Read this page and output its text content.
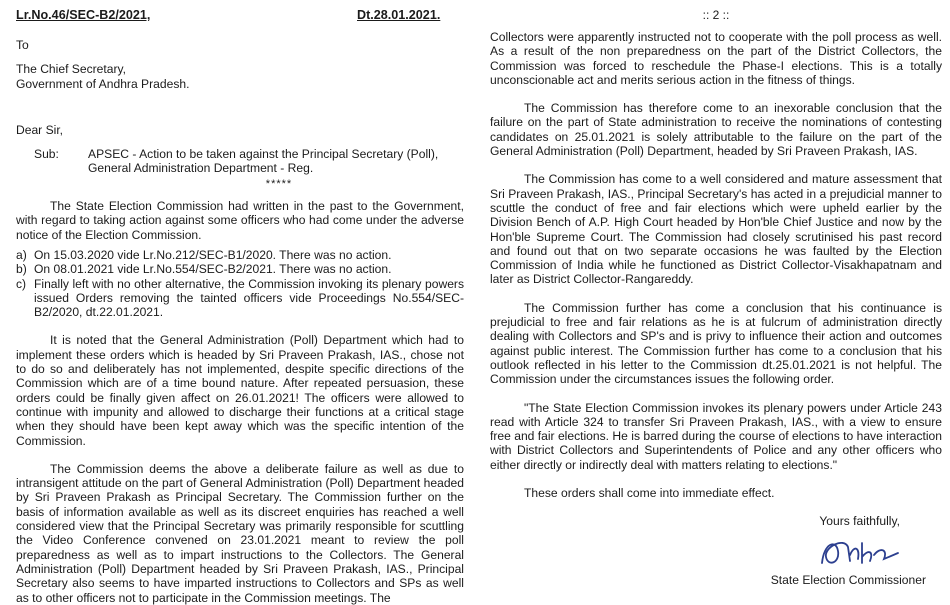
Lr.No.46/SEC-B2/2021,	Dt.28.01.2021.

To

The Chief Secretary,

Government of Andhra Pradesh.

Dear Sir,

Sub:	APSEC - Action to be taken against the Principal Secretary (Poll), General Administration Department - Reg.
*****

The State Election Commission had written in the past to the Government, with regard to taking action against some officers who had come under the adverse notice of the Election Commission.

a) On 15.03.2020 vide Lr.No.212/SEC-B1/2020. There was no action.
b) On 08.01.2021 vide Lr.No.554/SEC-B2/2021. There was no action.
c) Finally left with no other alternative, the Commission invoking its plenary powers issued Orders removing the tainted officers vide Proceedings No.554/SEC-B2/2020, dt.22.01.2021.

It is noted that the General Administration (Poll) Department which had to implement these orders which is headed by Sri Praveen Prakash, IAS., chose not to do so and deliberately has not implemented, despite specific directions of the Commission which are of a time bound nature. After repeated persuasion, these orders could be finally given affect on 26.01.2021! The officers were allowed to continue with impunity and allowed to discharge their functions at a critical stage when they should have been kept away which was the specific intention of the Commission.

The Commission deems the above a deliberate failure as well as due to intransigent attitude on the part of General Administration (Poll) Department headed by Sri Praveen Prakash as Principal Secretary. The Commission further on the basis of information available as well as its discreet enquiries has reached a well considered view that the Principal Secretary was primarily responsible for scuttling the Video Conference convened on 23.01.2021 meant to review the poll preparedness as well as to impart instructions to the Collectors. The General Administration (Poll) Department headed by Sri Praveen Prakash, IAS., Principal Secretary also seems to have imparted instructions to Collectors and SPs as well as to other officers not to participate in the Commission meetings. The

:: 2 ::

Collectors were apparently instructed not to cooperate with the poll process as well. As a result of the non preparedness on the part of the District Collectors, the Commission was forced to reschedule the Phase-I elections. This is a totally unconscionable act and merits serious action in the fitness of things.

The Commission has therefore come to an inexorable conclusion that the failure on the part of State administration to receive the nominations of contesting candidates on 25.01.2021 is solely attributable to the failure on the part of the General Administration (Poll) Department, headed by Sri Praveen Prakash, IAS.

The Commission has come to a well considered and mature assessment that Sri Praveen Prakash, IAS., Principal Secretary's has acted in a prejudicial manner to scuttle the conduct of free and fair elections which were upheld earlier by the Division Bench of A.P. High Court headed by Hon'ble Chief Justice and now by the Hon'ble Supreme Court. The Commission had closely scrutinised his past record and found out that on two separate occasions he was faulted by the Election Commission of India while he functioned as District Collector-Visakhapatnam and later as District Collector-Rangareddy.

The Commission further has come a conclusion that his continuance is prejudicial to free and fair relations as he is at fulcrum of administration directly dealing with Collectors and SP's and is privy to influence their action and outcomes against public interest. The Commission further has come to a conclusion that his outlook reflected in his letter to the Commission dt.25.01.2021 is not helpful. The Commission under the circumstances issues the following order.

"The State Election Commission invokes its plenary powers under Article 243 read with Article 324 to transfer Sri Praveen Prakash, IAS., with a view to ensure free and fair elections. He is barred during the course of elections to have interaction with District Collectors and Superintendents of Police and any other officers who either directly or indirectly deal with matters relating to elections."

These orders shall come into immediate effect.

Yours faithfully,

State Election Commissioner
